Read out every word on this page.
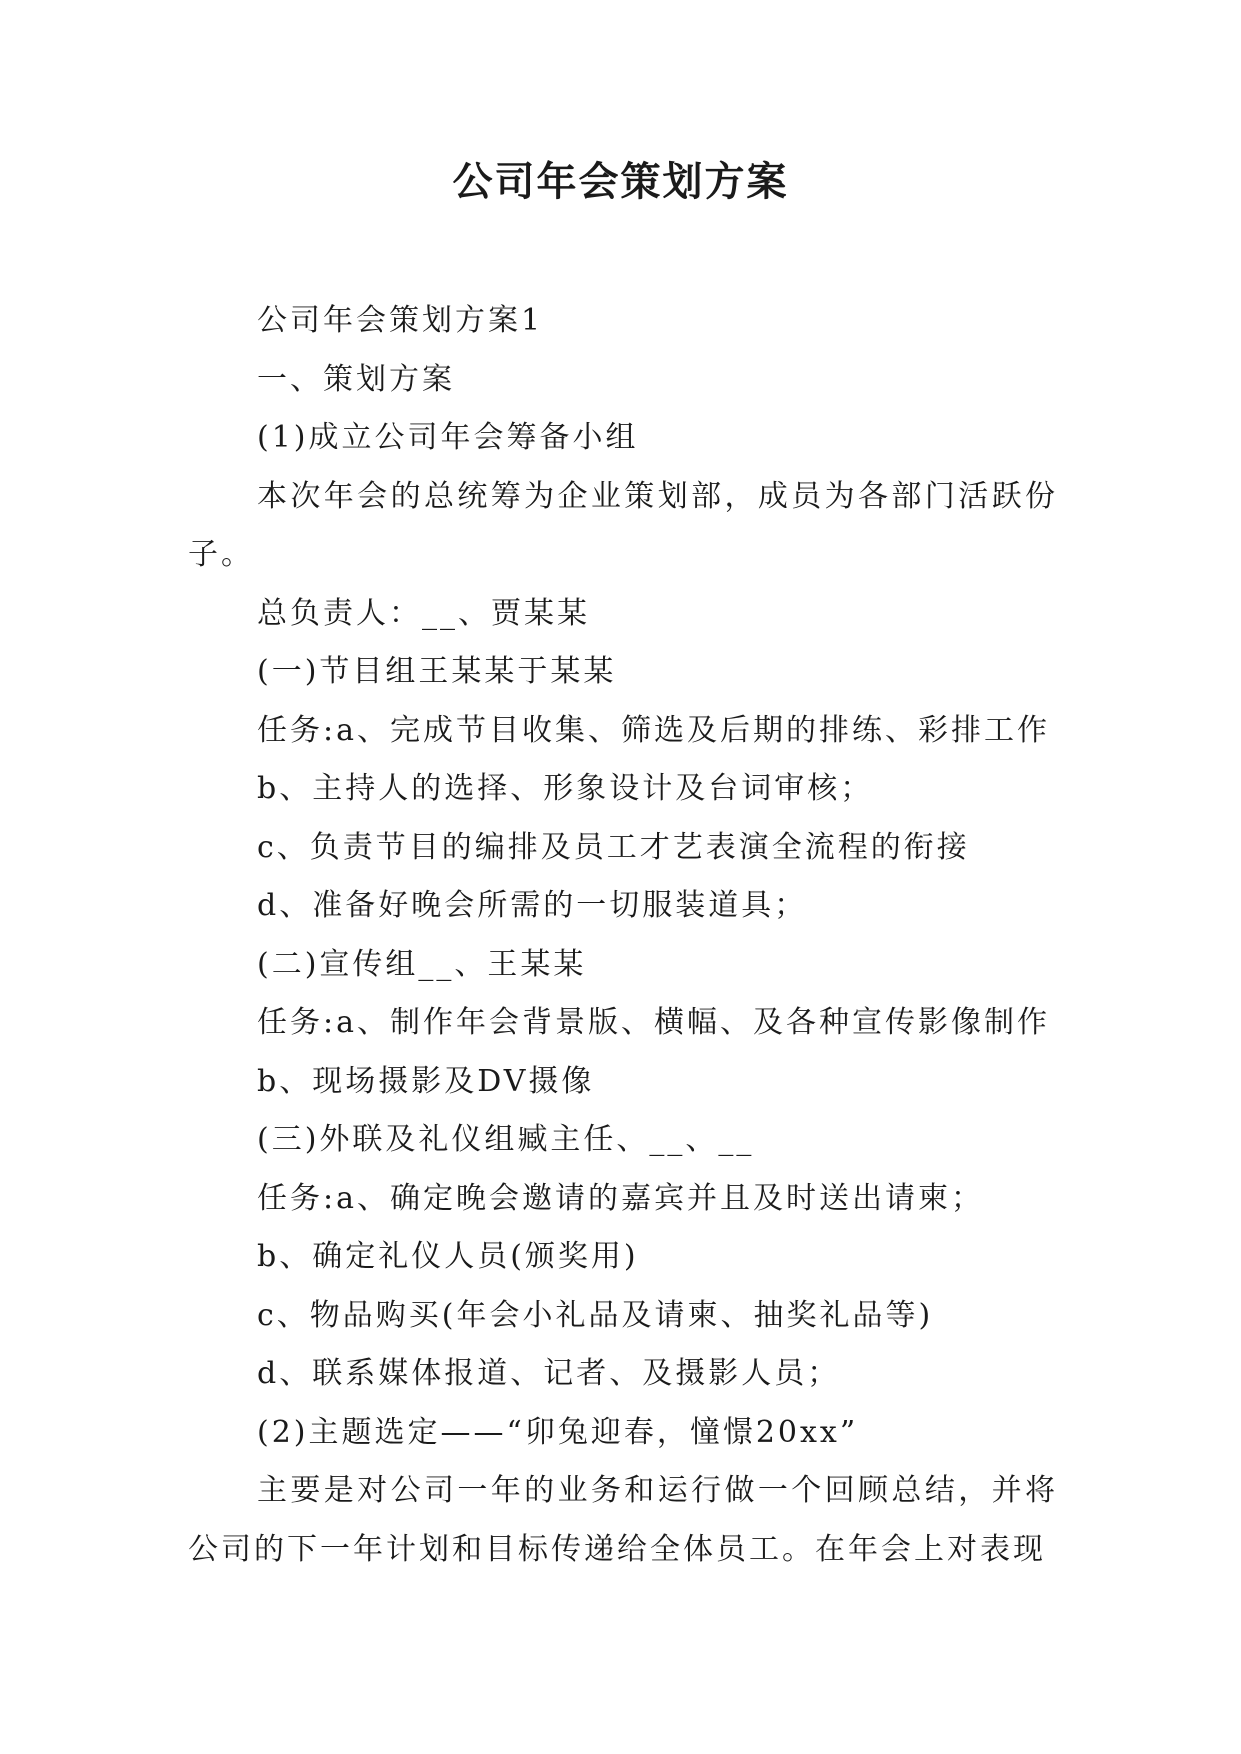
公司年会策划方案

公司年会策划方案1

一、策划方案

(1)成立公司年会筹备小组

本次年会的总统筹为企业策划部，成员为各部门活跃份子。

总负责人：__、贾某某

(一)节目组王某某于某某

任务:a、完成节目收集、筛选及后期的排练、彩排工作

b、主持人的选择、形象设计及台词审核；

c、负责节目的编排及员工才艺表演全流程的衔接

d、准备好晚会所需的一切服装道具；

(二)宣传组__、王某某

任务:a、制作年会背景版、横幅、及各种宣传影像制作

b、现场摄影及DV摄像

(三)外联及礼仪组臧主任、__、__

任务:a、确定晚会邀请的嘉宾并且及时送出请柬；

b、确定礼仪人员(颁奖用)

c、物品购买(年会小礼品及请柬、抽奖礼品等)

d、联系媒体报道、记者、及摄影人员；

(2)主题选定——“卯兔迎春，憧憬20xx”

主要是对公司一年的业务和运行做一个回顾总结，并将公司的下一年计划和目标传递给全体员工。在年会上对表现
